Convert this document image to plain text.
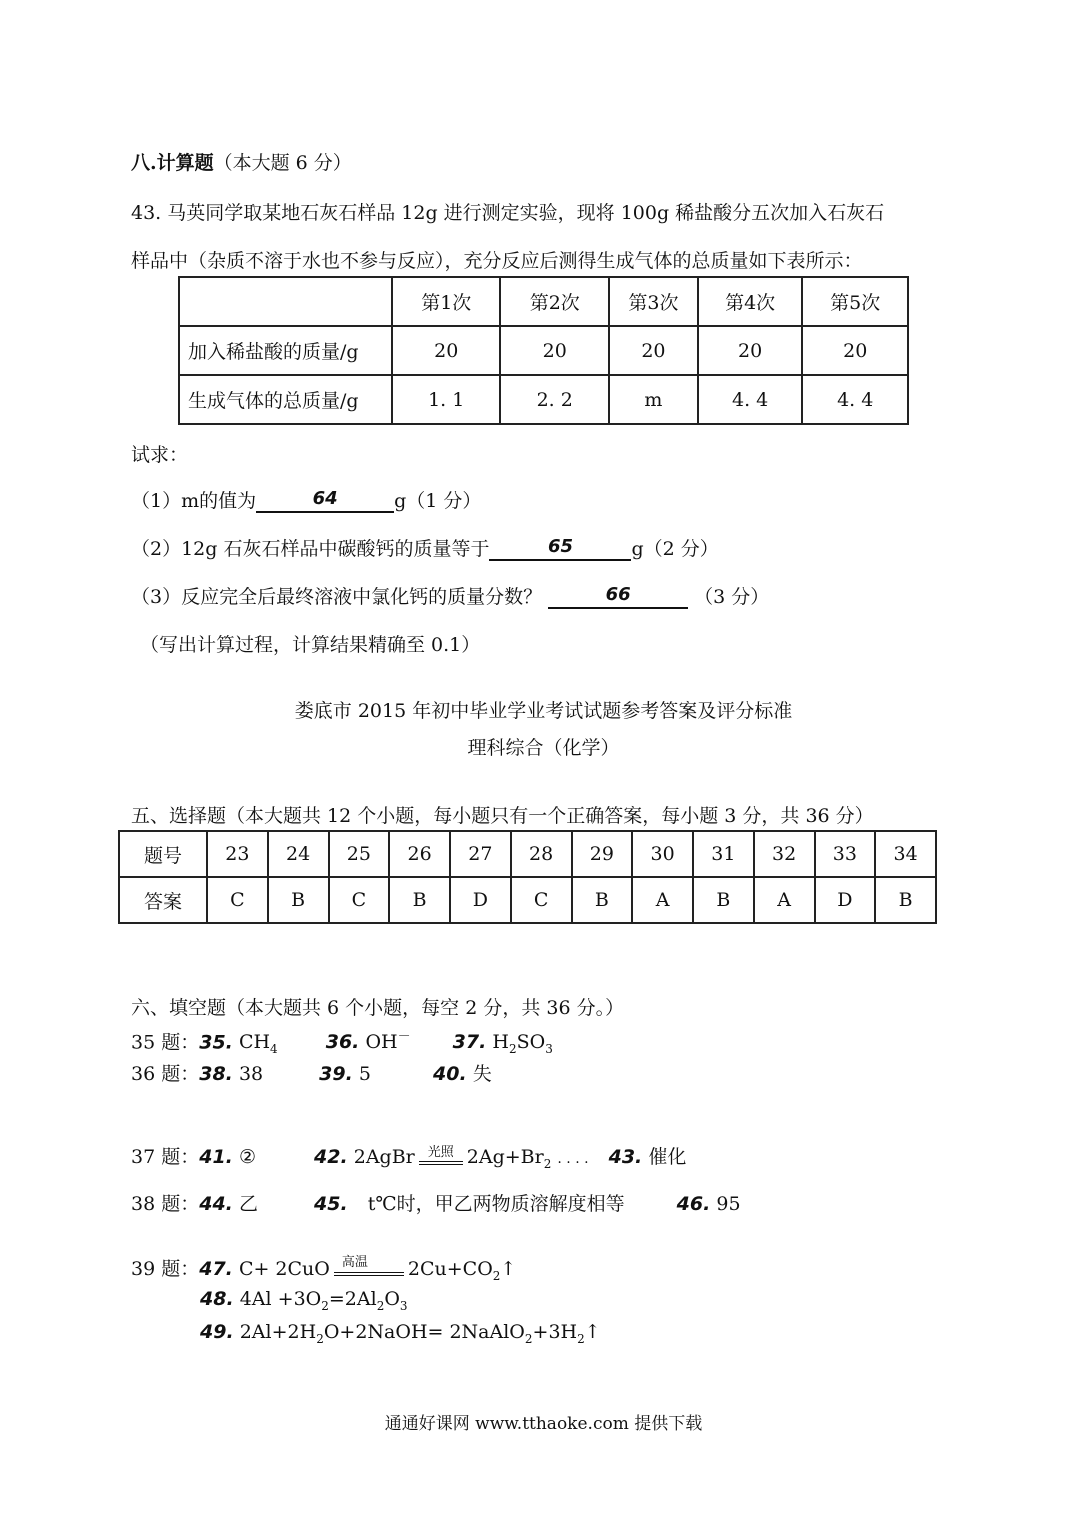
八.计算题（本大题 6 分）
43. 马英同学取某地石灰石样品 12g 进行测定实验，现将 100g 稀盐酸分五次加入石灰石
样品中（杂质不溶于水也不参与反应），充分反应后测得生成气体的总质量如下表所示：
	第1次	第2次	第3次	第4次	第5次
加入稀盐酸的质量/g	20	20	20	20	20
生成气体的总质量/g	1. 1	2. 2	m	4. 4	4. 4
试求：
（1）m的值为	64	g（1 分）
（2）12g 石灰石样品中碳酸钙的质量等于	65	g（2 分）
（3）反应完全后最终溶液中氯化钙的质量分数？	66	（3 分）
（写出计算过程，计算结果精确至 0.1）
娄底市 2015 年初中毕业学业考试试题参考答案及评分标准
理科综合（化学）
五、选择题（本大题共 12 个小题，每小题只有一个正确答案，每小题 3 分，共 36 分）
题号	23	24	25	26	27	28	29	30	31	32	33	34
答案	C	B	C	B	D	C	B	A	B	A	D	B
六、填空题（本大题共 6 个小题，每空 2 分，共 36 分。）
35 题：35. $CH_4$	36. OH－ 37. $H_2SO_3$
36 题：38. 38	39. 5	40. 失
37 题：41. ②	42. 2AgBr 光照 $2Ag+Br_2$ . . . . 43. 催化
38 题：44. 乙	45. t℃时，甲乙两物质溶解度相等	46. 95
39 题：47. C+ 2CuO 高温 $2Cu+CO_2↑$
48. $4Al +3O_2=2Al_2O_3$
49. $2Al+2H_2O+2NaOH=$ $2NaAlO_2+3H_2↑$
通通好课网 www.tthaoke.com 提供下载
